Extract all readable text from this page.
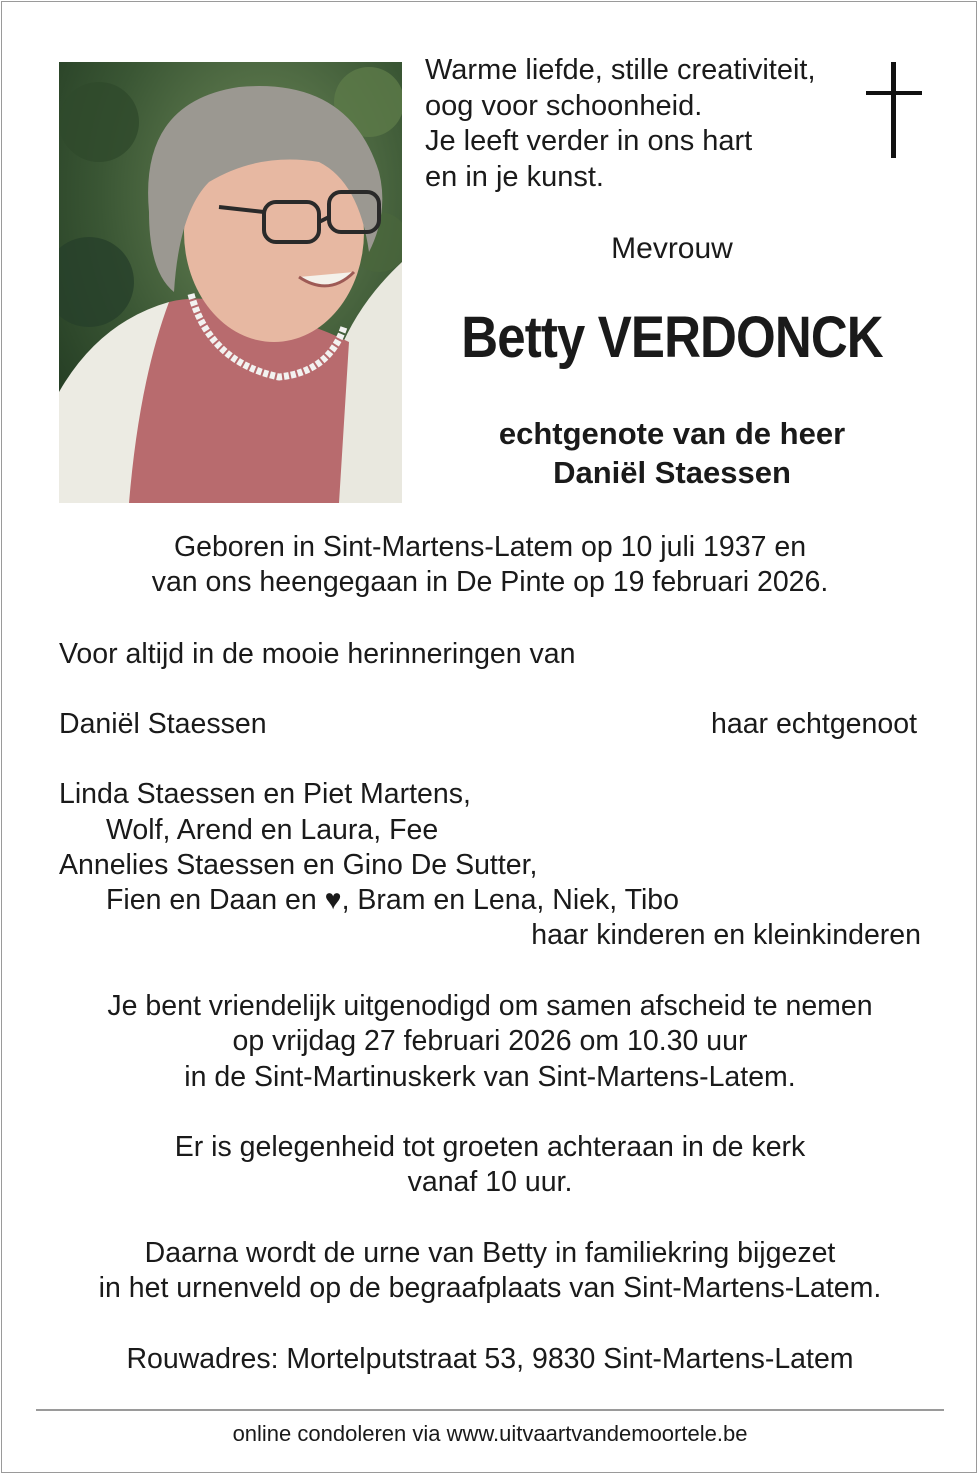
Warme liefde, stille creativiteit,
oog voor schoonheid.
Je leeft verder in ons hart
en in je kunst.
Mevrouw
Betty VERDONCK
echtgenote van de heer
Daniël Staessen
Geboren in Sint-Martens-Latem op 10 juli 1937 en
van ons heengegaan in De Pinte op 19 februari 2026.
Voor altijd in de mooie herinneringen van
Daniël Staessen	haar echtgenoot
Linda Staessen en Piet Martens,
Wolf, Arend en Laura, Fee
Annelies Staessen en Gino De Sutter,
Fien en Daan en ♥, Bram en Lena, Niek, Tibo
haar kinderen en kleinkinderen
Je bent vriendelijk uitgenodigd om samen afscheid te nemen
op vrijdag 27 februari 2026 om 10.30 uur
in de Sint-Martinuskerk van Sint-Martens-Latem.
Er is gelegenheid tot groeten achteraan in de kerk
vanaf 10 uur.
Daarna wordt de urne van Betty in familiekring bijgezet
in het urnenveld op de begraafplaats van Sint-Martens-Latem.
Rouwadres: Mortelputstraat 53, 9830 Sint-Martens-Latem
online condoleren via www.uitvaartvandemoortele.be
